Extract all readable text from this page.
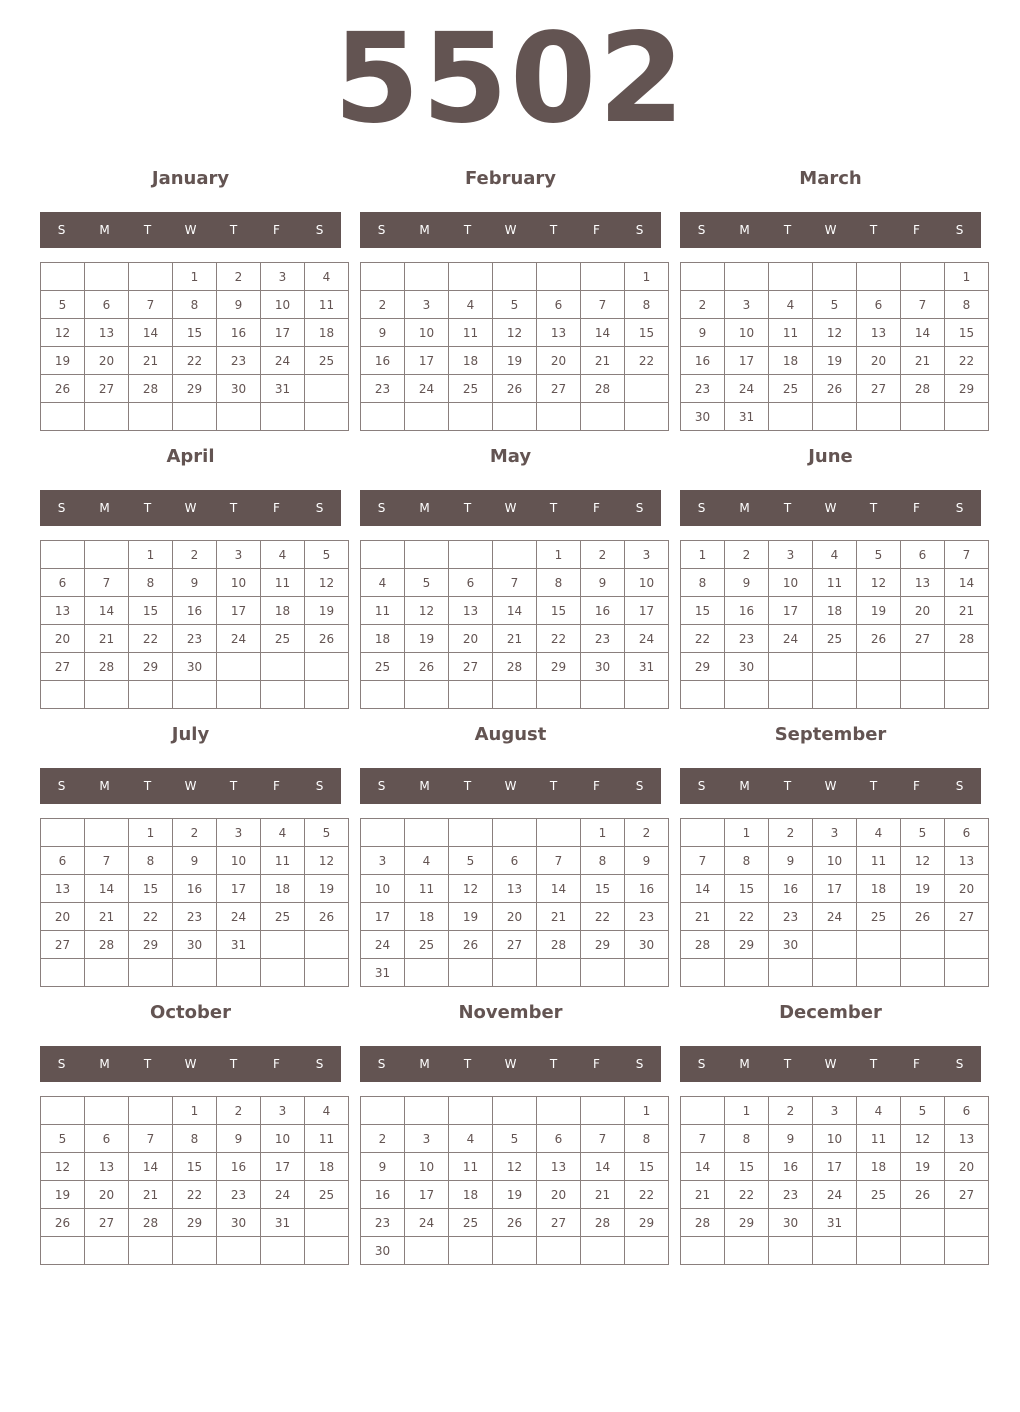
5502
January
S	M	T	W	T	F	S
			1	2	3	4
5	6	7	8	9	10	11
12	13	14	15	16	17	18
19	20	21	22	23	24	25
26	27	28	29	30	31	

February
S	M	T	W	T	F	S
						1
2	3	4	5	6	7	8
9	10	11	12	13	14	15
16	17	18	19	20	21	22
23	24	25	26	27	28	

March
S	M	T	W	T	F	S
						1
2	3	4	5	6	7	8
9	10	11	12	13	14	15
16	17	18	19	20	21	22
23	24	25	26	27	28	29
30	31					
April
S	M	T	W	T	F	S
		1	2	3	4	5
6	7	8	9	10	11	12
13	14	15	16	17	18	19
20	21	22	23	24	25	26
27	28	29	30			

May
S	M	T	W	T	F	S
				1	2	3
4	5	6	7	8	9	10
11	12	13	14	15	16	17
18	19	20	21	22	23	24
25	26	27	28	29	30	31

June
S	M	T	W	T	F	S
1	2	3	4	5	6	7
8	9	10	11	12	13	14
15	16	17	18	19	20	21
22	23	24	25	26	27	28
29	30					

July
S	M	T	W	T	F	S
		1	2	3	4	5
6	7	8	9	10	11	12
13	14	15	16	17	18	19
20	21	22	23	24	25	26
27	28	29	30	31		

August
S	M	T	W	T	F	S
					1	2
3	4	5	6	7	8	9
10	11	12	13	14	15	16
17	18	19	20	21	22	23
24	25	26	27	28	29	30
31						
September
S	M	T	W	T	F	S
	1	2	3	4	5	6
7	8	9	10	11	12	13
14	15	16	17	18	19	20
21	22	23	24	25	26	27
28	29	30				

October
S	M	T	W	T	F	S
			1	2	3	4
5	6	7	8	9	10	11
12	13	14	15	16	17	18
19	20	21	22	23	24	25
26	27	28	29	30	31	

November
S	M	T	W	T	F	S
						1
2	3	4	5	6	7	8
9	10	11	12	13	14	15
16	17	18	19	20	21	22
23	24	25	26	27	28	29
30						
December
S	M	T	W	T	F	S
	1	2	3	4	5	6
7	8	9	10	11	12	13
14	15	16	17	18	19	20
21	22	23	24	25	26	27
28	29	30	31			
